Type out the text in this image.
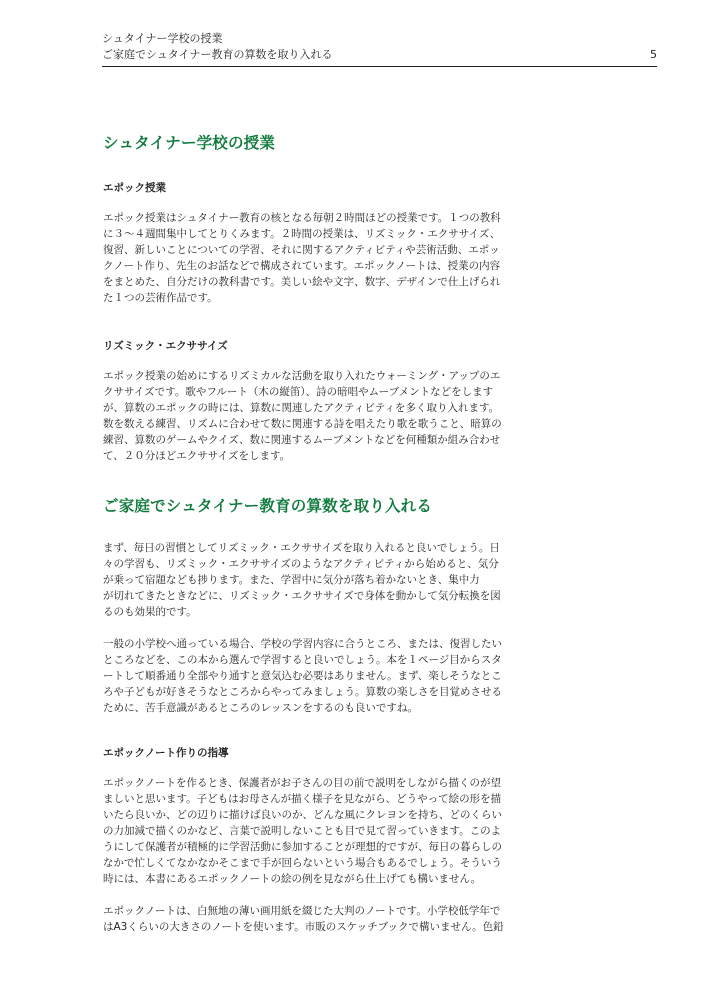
シュタイナー学校の授業
ご家庭でシュタイナー教育の算数を取り入れる	5
シュタイナー学校の授業
エポック授業

エポック授業はシュタイナー教育の核となる毎朝２時間ほどの授業です。１つの教科
に３〜４週間集中してとりくみます。２時間の授業は、リズミック・エクササイズ、
復習、新しいことについての学習、それに関するアクティビティや芸術活動、エポッ
クノート作り、先生のお話などで構成されています。エポックノートは、授業の内容
をまとめた、自分だけの教科書です。美しい絵や文字、数字、デザインで仕上げられ
た１つの芸術作品です。

リズミック・エクササイズ

エポック授業の始めにするリズミカルな活動を取り入れたウォーミング・アップのエ
クササイズです。歌やフルート（木の縦笛）、詩の暗唱やムーブメントなどをします
が、算数のエポックの時には、算数に関連したアクティビティを多く取り入れます。
数を数える練習、リズムに合わせて数に関連する詩を唱えたり歌を歌うこと、暗算の
練習、算数のゲームやクイズ、数に関連するムーブメントなどを何種類か組み合わせ
て、２０分ほどエクササイズをします。

ご家庭でシュタイナー教育の算数を取り入れる

まず、毎日の習慣としてリズミック・エクササイズを取り入れると良いでしょう。日
々の学習も、リズミック・エクササイズのようなアクティビティから始めると、気分
が乗って宿題なども捗ります。また、学習中に気分が落ち着かないとき、集中力
が切れてきたときなどに、リズミック・エクササイズで身体を動かして気分転換を図
るのも効果的です。

一般の小学校へ通っている場合、学校の学習内容に合うところ、または、復習したい
ところなどを、この本から選んで学習すると良いでしょう。本を１ページ目からスタ
ートして順番通り全部やり通すと意気込む必要はありません。まず、楽しそうなとこ
ろや子どもが好きそうなところからやってみましょう。算数の楽しさを目覚めさせる
ために、苦手意識があるところのレッスンをするのも良いですね。

エポックノート作りの指導

エポックノートを作るとき、保護者がお子さんの目の前で説明をしながら描くのが望
ましいと思います。子どもはお母さんが描く様子を見ながら、どうやって絵の形を描
いたら良いか、どの辺りに描けば良いのか、どんな風にクレヨンを持ち、どのくらい
の力加減で描くのかなど、言葉で説明しないことも目で見て習っていきます。このよ
うにして保護者が積極的に学習活動に参加することが理想的ですが、毎日の暮らしの
なかで忙しくてなかなかそこまで手が回らないという場合もあるでしょう。そういう
時には、本書にあるエポックノートの絵の例を見ながら仕上げても構いません。

エポックノートは、白無地の薄い画用紙を綴じた大判のノートです。小学校低学年で
はA3くらいの大きさのノートを使います。市販のスケッチブックで構いません。色鉛
